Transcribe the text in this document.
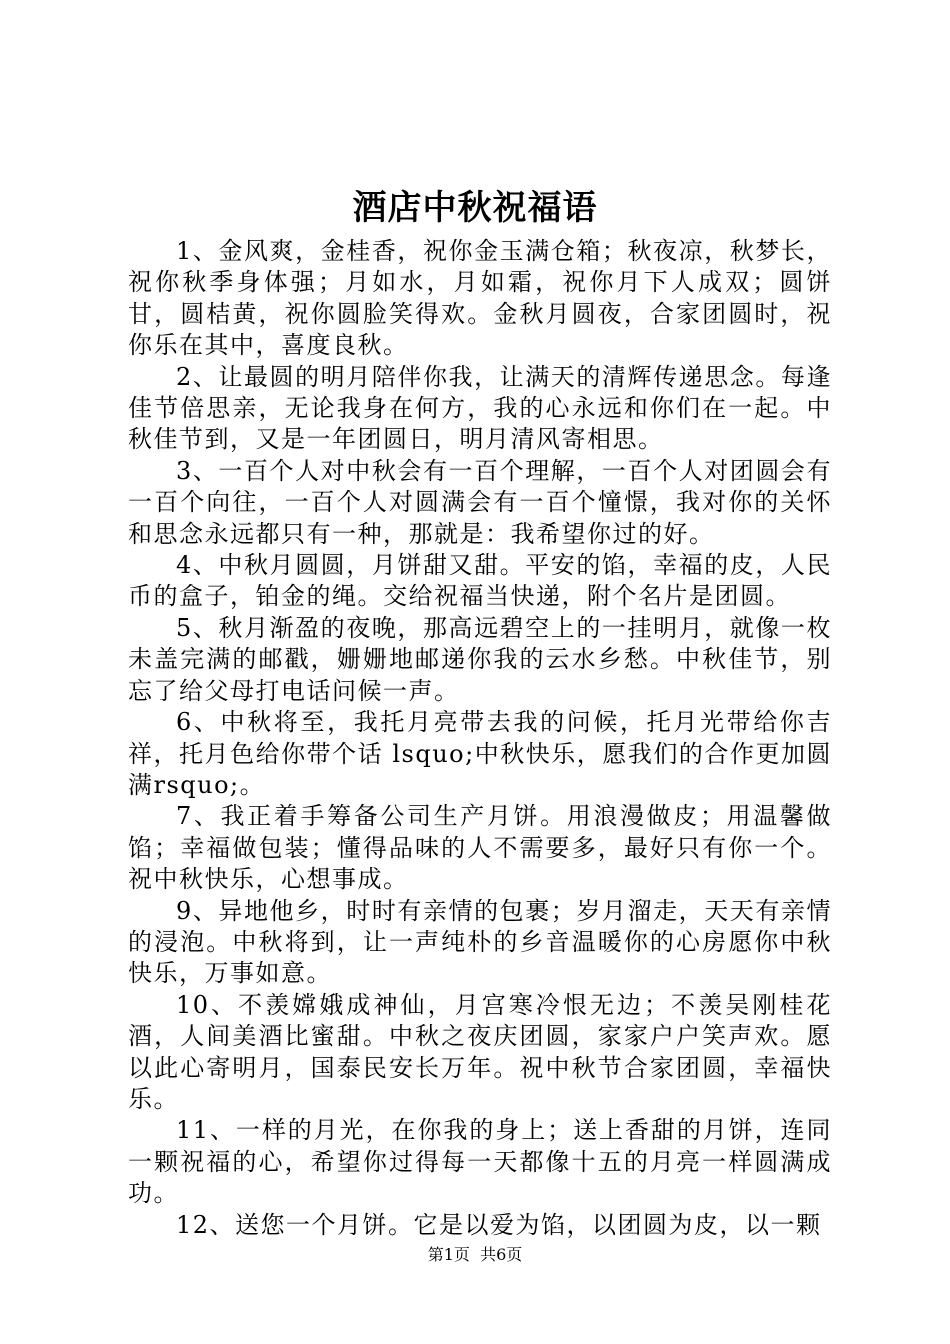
酒店中秋祝福语

1、金风爽，金桂香，祝你金玉满仓箱；秋夜凉，秋梦长，祝你秋季身体强；月如水，月如霜，祝你月下人成双；圆饼甘，圆桔黄，祝你圆脸笑得欢。金秋月圆夜，合家团圆时，祝你乐在其中，喜度良秋。

2、让最圆的明月陪伴你我，让满天的清辉传递思念。每逢佳节倍思亲，无论我身在何方，我的心永远和你们在一起。中秋佳节到，又是一年团圆日，明月清风寄相思。

3、一百个人对中秋会有一百个理解，一百个人对团圆会有一百个向往，一百个人对圆满会有一百个憧憬，我对你的关怀和思念永远都只有一种，那就是：我希望你过的好。

4、中秋月圆圆，月饼甜又甜。平安的馅，幸福的皮，人民币的盒子，铂金的绳。交给祝福当快递，附个名片是团圆。

5、秋月渐盈的夜晚，那高远碧空上的一挂明月，就像一枚未盖完满的邮戳，姗姗地邮递你我的云水乡愁。中秋佳节，别忘了给父母打电话问候一声。

6、中秋将至，我托月亮带去我的问候，托月光带给你吉祥，托月色给你带个话 lsquo;中秋快乐，愿我们的合作更加圆满rsquo;。

7、我正着手筹备公司生产月饼。用浪漫做皮；用温馨做馅；幸福做包装；懂得品味的人不需要多，最好只有你一个。祝中秋快乐，心想事成。

9、异地他乡，时时有亲情的包裹；岁月溜走，天天有亲情的浸泡。中秋将到，让一声纯朴的乡音温暖你的心房愿你中秋快乐，万事如意。

10、不羡嫦娥成神仙，月宫寒冷恨无边；不羡吴刚桂花酒，人间美酒比蜜甜。中秋之夜庆团圆，家家户户笑声欢。愿以此心寄明月，国泰民安长万年。祝中秋节合家团圆，幸福快乐。

11、一样的月光，在你我的身上；送上香甜的月饼，连同一颗祝福的心，希望你过得每一天都像十五的月亮一样圆满成功。

12、送您一个月饼。它是以爱为馅，以团圆为皮，以一颗

第1页  共6页
